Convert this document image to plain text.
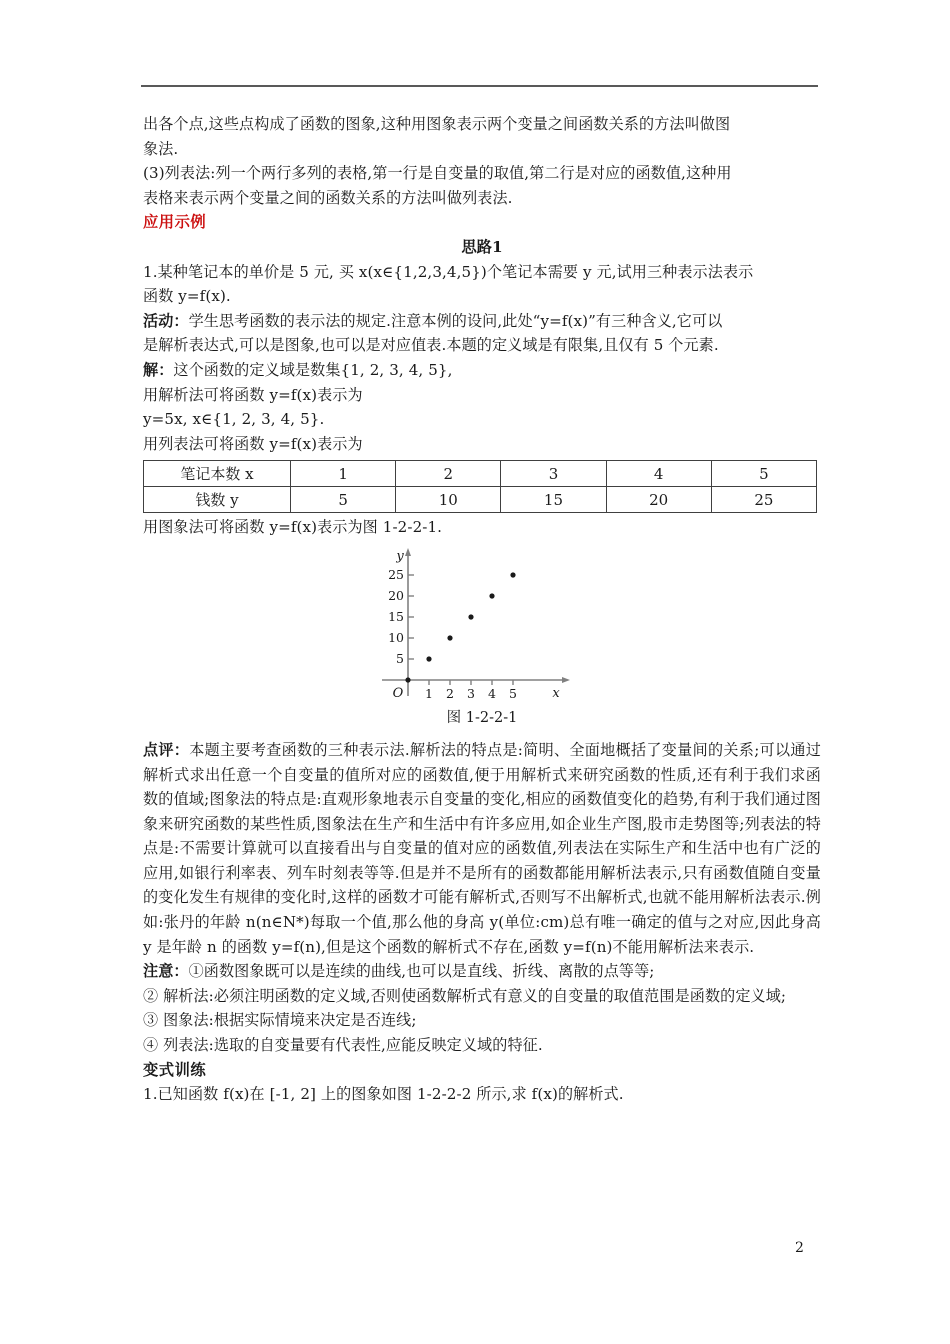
出各个点,这些点构成了函数的图象,这种用图象表示两个变量之间函数关系的方法叫做图

象法.

(3)列表法:列一个两行多列的表格,第一行是自变量的取值,第二行是对应的函数值,这种用

表格来表示两个变量之间的函数关系的方法叫做列表法.

应用示例

思路1

1.某种笔记本的单价是 5 元, 买 x(x∈{1,2,3,4,5})个笔记本需要 y 元,试用三种表示法表示

函数 y=f(x).

活动：学生思考函数的表示法的规定.注意本例的设问,此处“y=f(x)”有三种含义,它可以

是解析表达式,可以是图象,也可以是对应值表.本题的定义域是有限集,且仅有 5 个元素.

解：这个函数的定义域是数集{1, 2, 3, 4, 5},

用解析法可将函数 y=f(x)表示为

y=5x, x∈{1, 2, 3, 4, 5}.

用列表法可将函数 y=f(x)表示为

笔记本数 x	1	2	3	4	5
钱数 y	5	10	15	20	25

用图象法可将函数 y=f(x)表示为图 1-2-2-1.

5
10
15
20
25
1 2 3 4 5
y
x
O
图 1-2-2-1

点评：本题主要考查函数的三种表示法.解析法的特点是:简明、全面地概括了变量间的关系;可以通过解析式求出任意一个自变量的值所对应的函数值,便于用解析式来研究函数的性质,还有利于我们求函数的值域;图象法的特点是:直观形象地表示自变量的变化,相应的函数值变化的趋势,有利于我们通过图象来研究函数的某些性质,图象法在生产和生活中有许多应用,如企业生产图,股市走势图等;列表法的特点是:不需要计算就可以直接看出与自变量的值对应的函数值,列表法在实际生产和生活中也有广泛的应用,如银行利率表、列车时刻表等等.但是并不是所有的函数都能用解析法表示,只有函数值随自变量的变化发生有规律的变化时,这样的函数才可能有解析式,否则写不出解析式,也就不能用解析法表示.例如:张丹的年龄 n(n∈N*)每取一个值,那么他的身高 y(单位:cm)总有唯一确定的值与之对应,因此身高 y 是年龄 n 的函数 y=f(n),但是这个函数的解析式不存在,函数 y=f(n)不能用解析法来表示.

注意：①函数图象既可以是连续的曲线,也可以是直线、折线、离散的点等等;

② 解析法:必须注明函数的定义域,否则使函数解析式有意义的自变量的取值范围是函数的定义域;

③ 图象法:根据实际情境来决定是否连线;

④ 列表法:选取的自变量要有代表性,应能反映定义域的特征.

变式训练

1.已知函数 f(x)在 [-1, 2] 上的图象如图 1-2-2-2 所示,求 f(x)的解析式.

2
